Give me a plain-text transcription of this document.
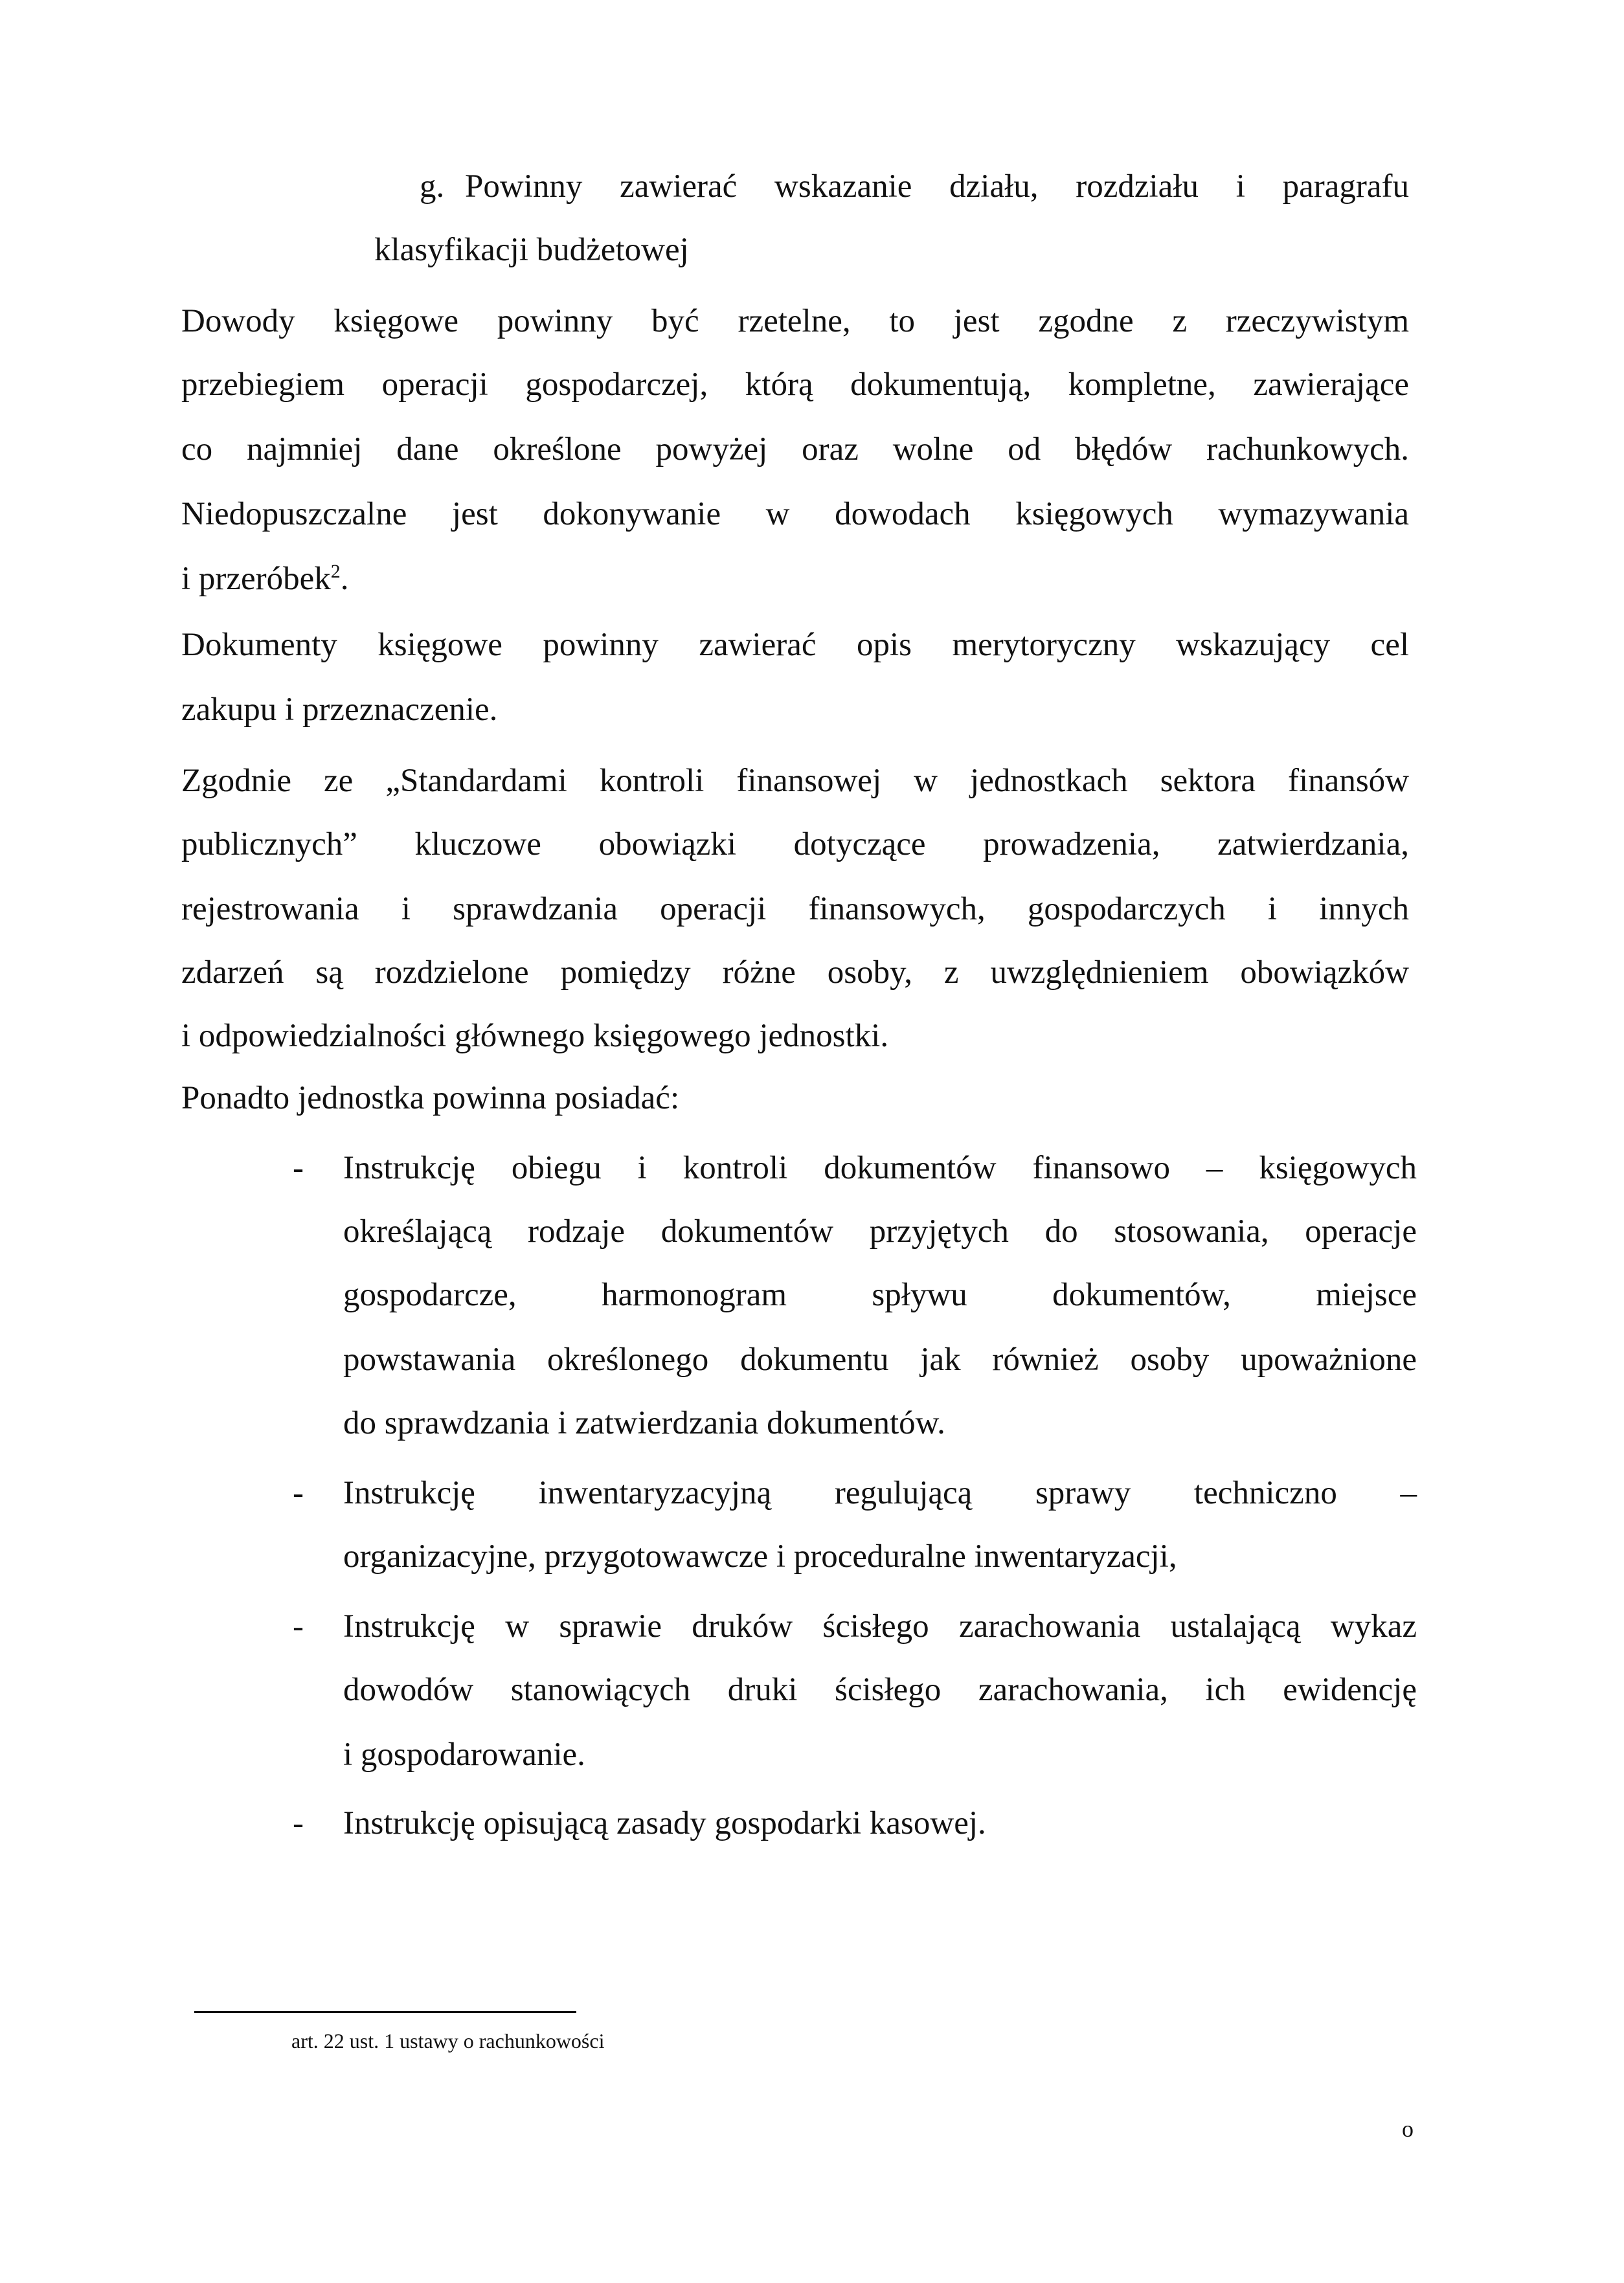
g. Powinny zawierać wskazanie działu, rozdziału i paragrafu
klasyfikacji budżetowej
Dowody księgowe powinny być rzetelne, to jest zgodne z rzeczywistym
przebiegiem operacji gospodarczej, którą dokumentują, kompletne, zawierające
co najmniej dane określone powyżej oraz wolne od błędów rachunkowych.
Niedopuszczalne jest dokonywanie w dowodach księgowych wymazywania
i przeróbek$^2$.
Dokumenty księgowe powinny zawierać opis merytoryczny wskazujący cel
zakupu i przeznaczenie.
Zgodnie ze „Standardami kontroli finansowej w jednostkach sektora finansów
publicznych” kluczowe obowiązki dotyczące prowadzenia, zatwierdzania,
rejestrowania i sprawdzania operacji finansowych, gospodarczych i innych
zdarzeń są rozdzielone pomiędzy różne osoby, z uwzględnieniem obowiązków
i odpowiedzialności głównego księgowego jednostki.
Ponadto jednostka powinna posiadać:
- Instrukcję obiegu i kontroli dokumentów finansowo – księgowych
określającą rodzaje dokumentów przyjętych do stosowania, operacje
gospodarcze, harmonogram spływu dokumentów, miejsce
powstawania określonego dokumentu jak również osoby upoważnione
do sprawdzania i zatwierdzania dokumentów.
- Instrukcję inwentaryzacyjną regulującą sprawy techniczno –
organizacyjne, przygotowawcze i proceduralne inwentaryzacji,
- Instrukcję w sprawie druków ścisłego zarachowania ustalającą wykaz
dowodów stanowiących druki ścisłego zarachowania, ich ewidencję
i gospodarowanie.
- Instrukcję opisującą zasady gospodarki kasowej.
art. 22 ust. 1 ustawy o rachunkowości
o
